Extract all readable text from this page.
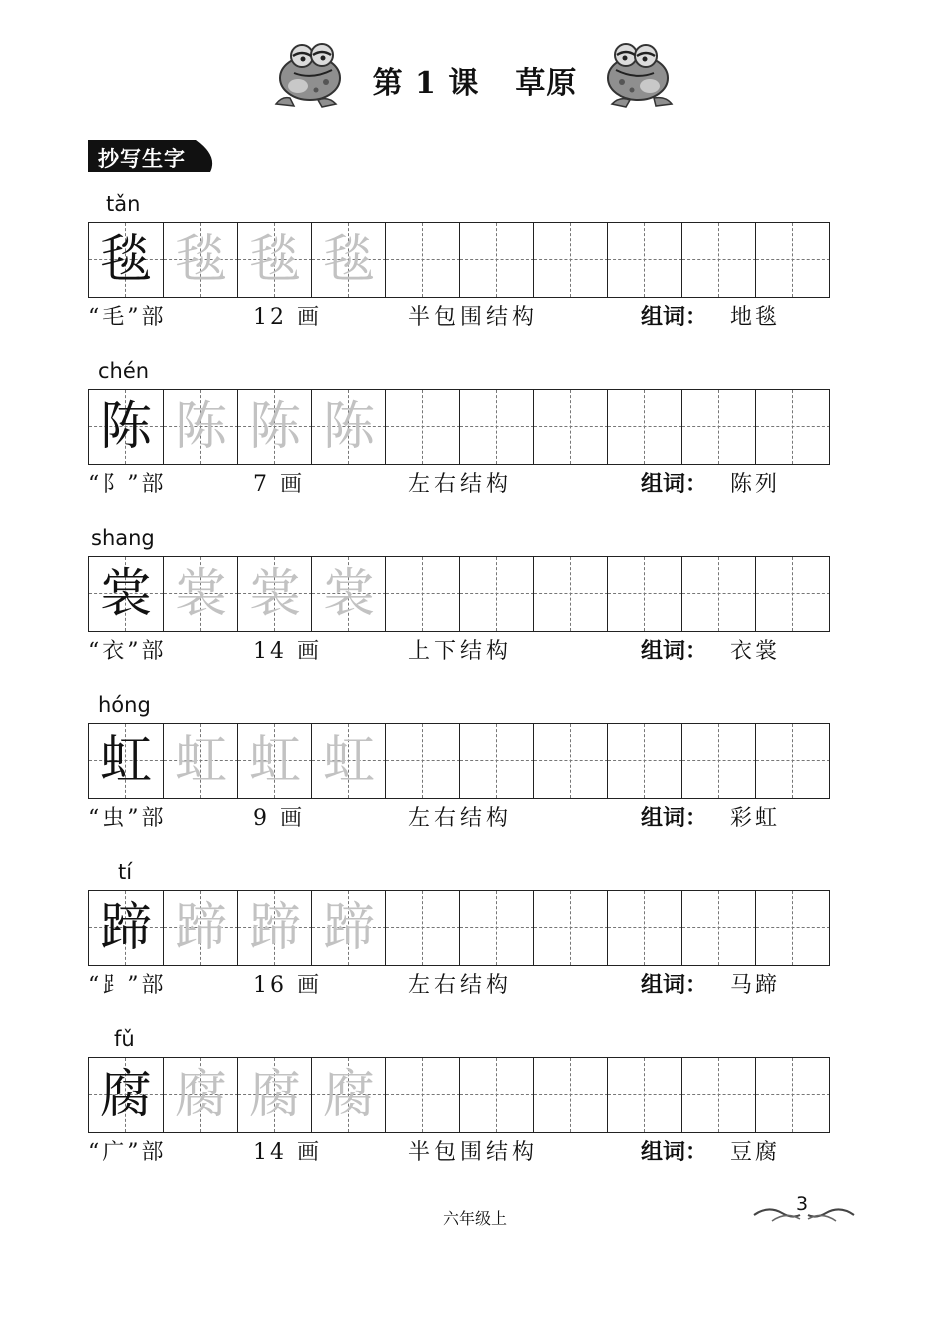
第 1 课 草原
抄写生字
tǎn
毯 毯 毯 毯
“毛”部	12 画	半包围结构	组词： 地毯
chén
陈 陈 陈 陈
“阝”部	7 画	左右结构	组词： 陈列
shang
裳 裳 裳 裳
“衣”部	14 画	上下结构	组词： 衣裳
hóng
虹 虹 虹 虹
“虫”部	9 画	左右结构	组词： 彩虹
tí
蹄 蹄 蹄 蹄
“⻊”部	16 画	左右结构	组词： 马蹄
fǔ
腐 腐 腐 腐
“广”部	14 画	半包围结构	组词： 豆腐
六年级上
3
